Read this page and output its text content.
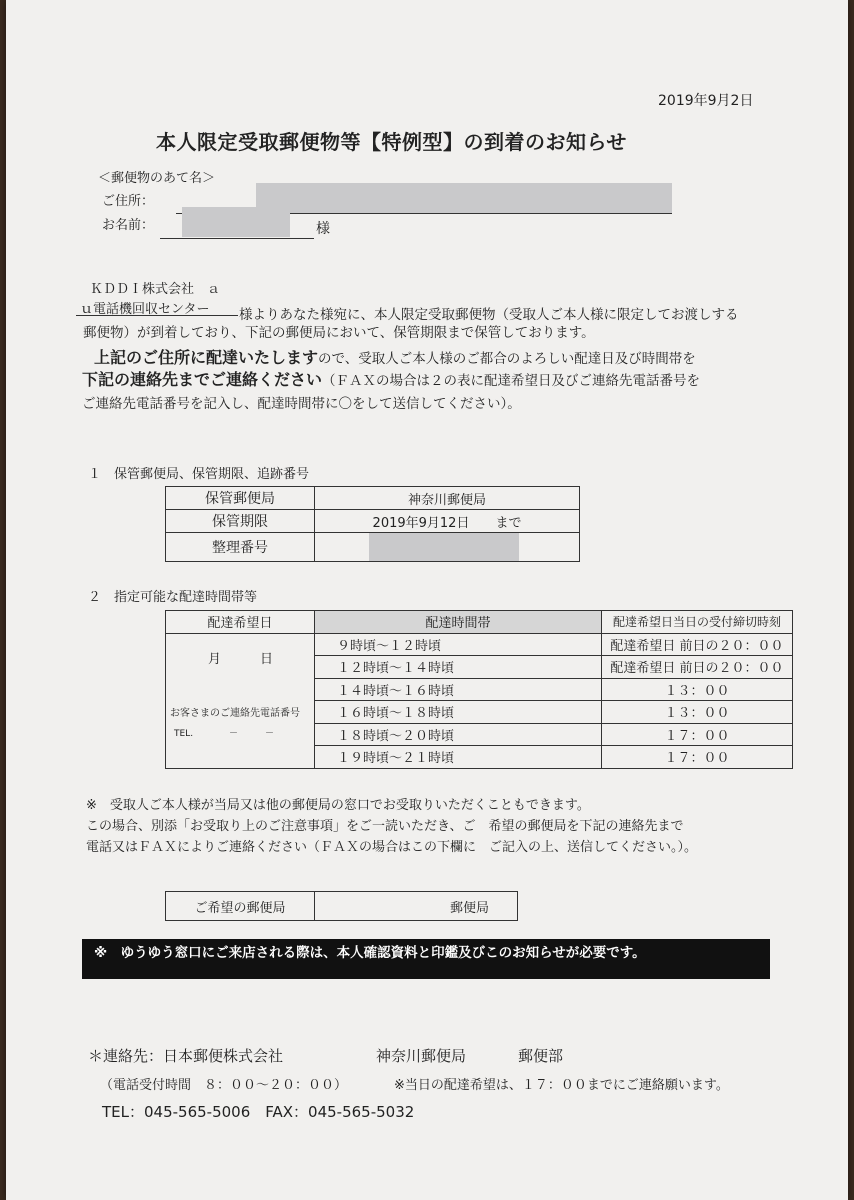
2019年9月2日
本人限定受取郵便物等【特例型】の到着のお知らせ
＜郵便物のあて名＞
ご住所：
お名前：	様
ＫＤＤＩ株式会社　ａ
ｕ電話機回収センター 様よりあなた様宛に、本人限定受取郵便物（受取人ご本人様に限定してお渡しする
郵便物）が到着しており、下記の郵便局において、保管期限まで保管しております。
上記のご住所に配達いたしますので、受取人ご本人様のご都合のよろしい配達日及び時間帯を
下記の連絡先までご連絡ください（ＦＡＸの場合は２の表に配達希望日及びご連絡先電話番号を
ご連絡先電話番号を記入し、配達時間帯に〇をして送信してください）。
１　保管郵便局、保管期限、追跡番号
保管郵便局	神奈川郵便局
保管期限	2019年9月12日　　まで
整理番号	
２　指定可能な配達時間帯等
配達希望日	配達時間帯	配達希望日当日の受付締切時刻

月　　　日
お客さまのご連絡先電話番号
TEL.　　　　－　　　－	９時頃～１２時頃	配達希望日 前日の２０：００
	１２時頃～１４時頃	配達希望日 前日の２０：００
	１４時頃～１６時頃	１３：００
	１６時頃～１８時頃	１３：００
	１８時頃～２０時頃	１７：００
	１９時頃～２１時頃	１７：００
※　受取人ご本人様が当局又は他の郵便局の窓口でお受取りいただくこともできます。
この場合、別添「お受取り上のご注意事項」をご一読いただき、ご　希望の郵便局を下記の連絡先まで
電話又はＦＡＸによりご連絡ください（ＦＡＸの場合はこの下欄に　ご記入の上、送信してください。）。
ご希望の郵便局	郵便局
※　ゆうゆう窓口にご来店される際は、本人確認資料と印鑑及びこのお知らせが必要です。
＊連絡先：日本郵便株式会社	神奈川郵便局	郵便部
（電話受付時間　８：００～２０：００）	※当日の配達希望は、１７：００までにご連絡願います。
TEL：045-565-5006　FAX：045-565-5032
